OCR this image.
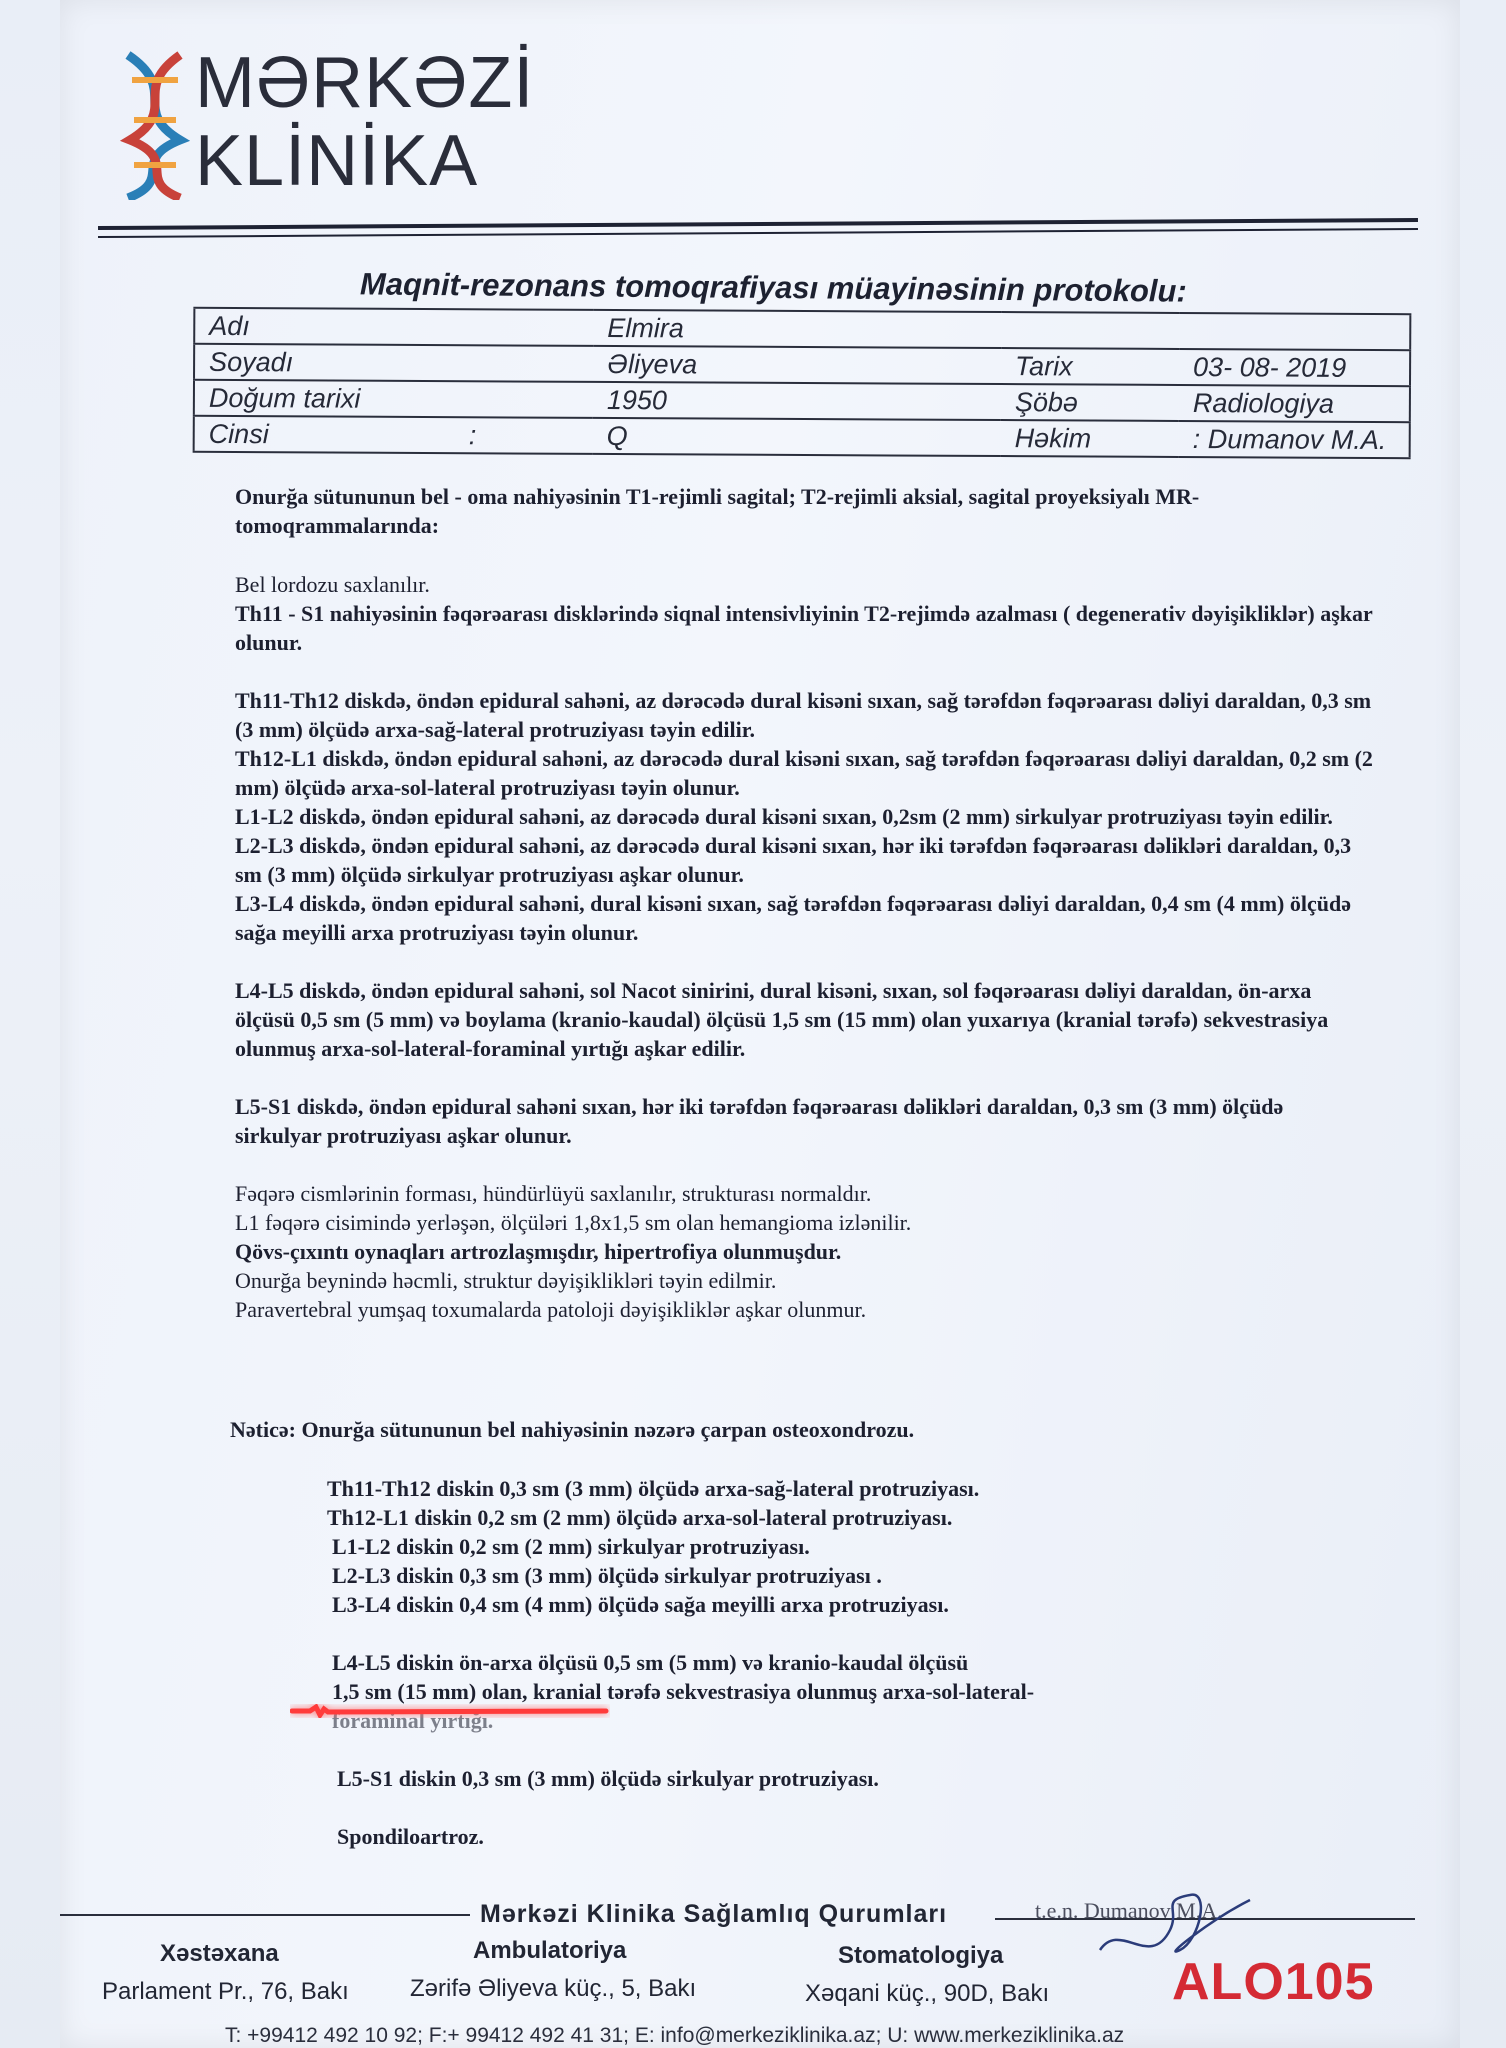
MƏRKƏZİ
KLİNİKA
Maqnit-rezonans tomoqrafiyası müayinəsinin protokolu:
Adı	Elmira		
Soyadı	Əliyeva	Tarix	03- 08- 2019
Doğum tarixi	1950	Şöbə	Radiologiya
Cinsi :	Q	Həkim	: Dumanov M.A.
Onurğa sütununun bel - oma nahiyəsinin T1-rejimli sagital; T2-rejimli aksial, sagital proyeksiyalı MR- tomoqrammalarında:

Bel lordozu saxlanılır.

Th11 - S1 nahiyəsinin fəqərəarası disklərində siqnal intensivliyinin T2-rejimdə azalması ( degenerativ dəyişikliklər) aşkar olunur.

Th11-Th12 diskdə, öndən epidural sahəni, az dərəcədə dural kisəni sıxan, sağ tərəfdən fəqərəarası dəliyi daraldan, 0,3 sm (3 mm) ölçüdə arxa-sağ-lateral protruziyası təyin edilir.

Th12-L1 diskdə, öndən epidural sahəni, az dərəcədə dural kisəni sıxan, sağ tərəfdən fəqərəarası dəliyi daraldan, 0,2 sm (2 mm) ölçüdə arxa-sol-lateral protruziyası təyin olunur.

L1-L2 diskdə, öndən epidural sahəni, az dərəcədə dural kisəni sıxan, 0,2sm (2 mm) sirkulyar protruziyası təyin edilir.

L2-L3 diskdə, öndən epidural sahəni, az dərəcədə dural kisəni sıxan, hər iki tərəfdən fəqərəarası dəlikləri daraldan, 0,3 sm (3 mm) ölçüdə sirkulyar protruziyası aşkar olunur.

L3-L4 diskdə, öndən epidural sahəni, dural kisəni sıxan, sağ tərəfdən fəqərəarası dəliyi daraldan, 0,4 sm (4 mm) ölçüdə sağa meyilli arxa protruziyası təyin olunur.

L4-L5 diskdə, öndən epidural sahəni, sol Nacot sinirini, dural kisəni, sıxan, sol fəqərəarası dəliyi daraldan, ön-arxa ölçüsü 0,5 sm (5 mm) və boylama (kranio-kaudal) ölçüsü 1,5 sm (15 mm) olan yuxarıya (kranial tərəfə) sekvestrasiya olunmuş arxa-sol-lateral-foraminal yırtığı aşkar edilir.

L5-S1 diskdə, öndən epidural sahəni sıxan, hər iki tərəfdən fəqərəarası dəlikləri daraldan, 0,3 sm (3 mm) ölçüdə sirkulyar protruziyası aşkar olunur.

Fəqərə cismlərinin forması, hündürlüyü saxlanılır, strukturası normaldır.

L1 fəqərə cisimində yerləşən, ölçüləri 1,8x1,5 sm olan hemangioma izlənilir.

Qövs-çıxıntı oynaqları artrozlaşmışdır, hipertrofiya olunmuşdur.

Onurğa beynində həcmli, struktur dəyişiklikləri təyin edilmir.

Paravertebral yumşaq toxumalarda patoloji dəyişikliklər aşkar olunmur.

Nəticə: Onurğa sütununun bel nahiyəsinin nəzərə çarpan osteoxondrozu.
Th11-Th12 diskin 0,3 sm (3 mm) ölçüdə arxa-sağ-lateral protruziyası.
Th12-L1 diskin 0,2 sm (2 mm) ölçüdə arxa-sol-lateral protruziyası.
L1-L2 diskin 0,2 sm (2 mm) sirkulyar protruziyası.
L2-L3 diskin 0,3 sm (3 mm) ölçüdə sirkulyar protruziyası .
L3-L4 diskin 0,4 sm (4 mm) ölçüdə sağa meyilli arxa protruziyası.
L4-L5 diskin ön-arxa ölçüsü 0,5 sm (5 mm) və kranio-kaudal ölçüsü
1,5 sm (15 mm) olan, kranial tərəfə sekvestrasiya olunmuş arxa-sol-lateral-
foraminal yırtığı.
L5-S1 diskin 0,3 sm (3 mm) ölçüdə sirkulyar protruziyası.
Spondiloartroz.
Mərkəzi Klinika Sağlamlıq Qurumları	t.e.n. Dumanov M.A.
Xəstəxana
Parlament Pr., 76, Bakı
Ambulatoriya
Zərifə Əliyeva küç., 5, Bakı
Stomatologiya
Xəqani küç., 90D, Bakı ALO105
T: +99412 492 10 92; F:+ 99412 492 41 31; E: info@merkeziklinika.az; U: www.merkeziklinika.az
